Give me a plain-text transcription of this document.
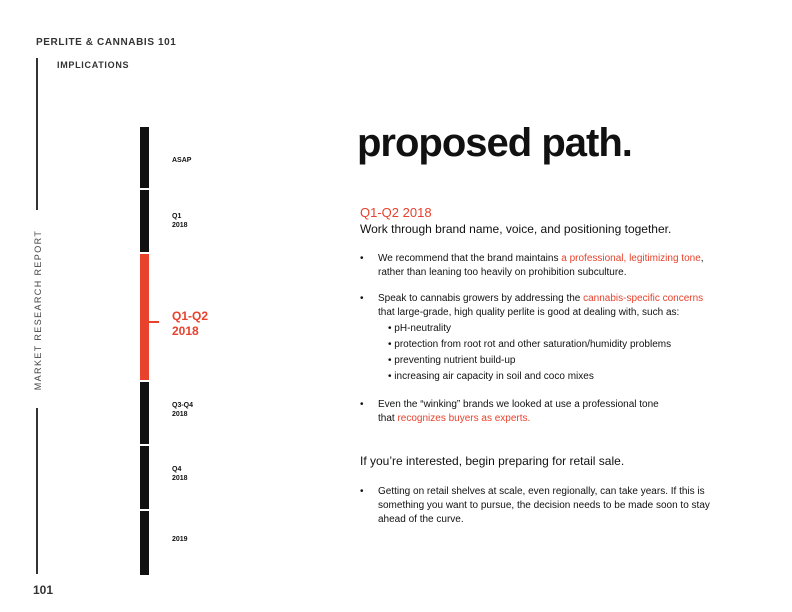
PERLITE & CANNABIS 101
IMPLICATIONS
MARKET RESEARCH REPORT
101
ASAP
Q1
2018
Q1-Q2
2018
Q3-Q4
2018
Q4
2018
2019
proposed path.
Q1-Q2 2018
Work through brand name, voice, and positioning together.
• We recommend that the brand maintains a professional, legitimizing tone,
rather than leaning too heavily on prohibition subculture.
• Speak to cannabis growers by addressing the cannabis-specific concerns
that large-grade, high quality perlite is good at dealing with, such as:
• pH-neutrality
• protection from root rot and other saturation/humidity problems
• preventing nutrient build-up
• increasing air capacity in soil and coco mixes
• Even the “winking” brands we looked at use a professional tone
that recognizes buyers as experts.
If you’re interested, begin preparing for retail sale.
• Getting on retail shelves at scale, even regionally, can take years. If this is something you want to pursue, the decision needs to be made soon to stay ahead of the curve.
